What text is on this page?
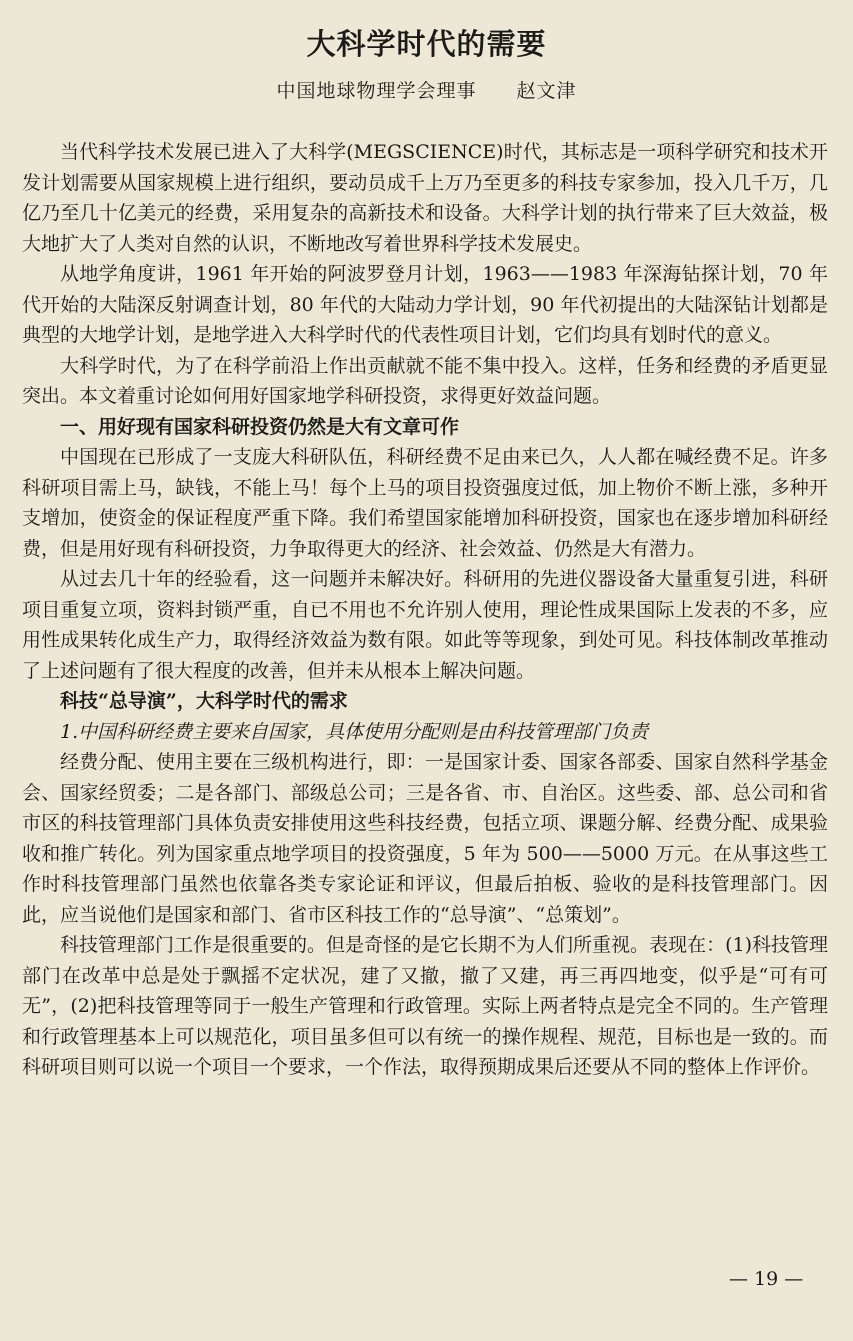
大科学时代的需要
中国地球物理学会理事 赵文津

当代科学技术发展已进入了大科学(MEGSCIENCE)时代，其标志是一项科学研究和技术开发计划需要从国家规模上进行组织，要动员成千上万乃至更多的科技专家参加，投入几千万，几亿乃至几十亿美元的经费，采用复杂的高新技术和设备。大科学计划的执行带来了巨大效益，极大地扩大了人类对自然的认识，不断地改写着世界科学技术发展史。

从地学角度讲，1961 年开始的阿波罗登月计划，1963——1983 年深海钻探计划，70 年代开始的大陆深反射调查计划，80 年代的大陆动力学计划，90 年代初提出的大陆深钻计划都是典型的大地学计划，是地学进入大科学时代的代表性项目计划，它们均具有划时代的意义。

大科学时代，为了在科学前沿上作出贡献就不能不集中投入。这样，任务和经费的矛盾更显突出。本文着重讨论如何用好国家地学科研投资，求得更好效益问题。

一、用好现有国家科研投资仍然是大有文章可作

中国现在已形成了一支庞大科研队伍，科研经费不足由来已久，人人都在喊经费不足。许多科研项目需上马，缺钱，不能上马！每个上马的项目投资强度过低，加上物价不断上涨，多种开支增加，使资金的保证程度严重下降。我们希望国家能增加科研投资，国家也在逐步增加科研经费，但是用好现有科研投资，力争取得更大的经济、社会效益、仍然是大有潜力。

从过去几十年的经验看，这一问题并未解决好。科研用的先进仪器设备大量重复引进，科研项目重复立项，资料封锁严重，自已不用也不允许别人使用，理论性成果国际上发表的不多，应用性成果转化成生产力，取得经济效益为数有限。如此等等现象，到处可见。科技体制改革推动了上述问题有了很大程度的改善，但并未从根本上解决问题。

科技“总导演”，大科学时代的需求

1.中国科研经费主要来自国家，具体使用分配则是由科技管理部门负责

经费分配、使用主要在三级机构进行，即：一是国家计委、国家各部委、国家自然科学基金会、国家经贸委；二是各部门、部级总公司；三是各省、市、自治区。这些委、部、总公司和省市区的科技管理部门具体负责安排使用这些科技经费，包括立项、课题分解、经费分配、成果验收和推广转化。列为国家重点地学项目的投资强度，5 年为 500——5000 万元。在从事这些工作时科技管理部门虽然也依靠各类专家论证和评议，但最后拍板、验收的是科技管理部门。因此，应当说他们是国家和部门、省市区科技工作的“总导演”、“总策划”。

科技管理部门工作是很重要的。但是奇怪的是它长期不为人们所重视。表现在：(1)科技管理部门在改革中总是处于飘摇不定状况，建了又撤，撤了又建，再三再四地变，似乎是“可有可无”，(2)把科技管理等同于一般生产管理和行政管理。实际上两者特点是完全不同的。生产管理和行政管理基本上可以规范化，项目虽多但可以有统一的操作规程、规范，目标也是一致的。而科研项目则可以说一个项目一个要求，一个作法，取得预期成果后还要从不同的整体上作评价。

— 19 —
